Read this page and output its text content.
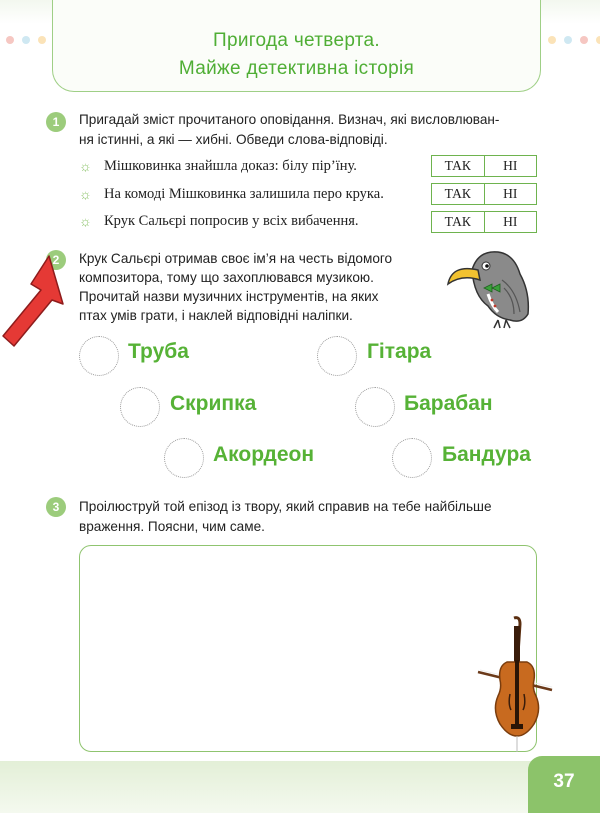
Пригода четверта.
Майже детективна історія
1	Пригадай зміст прочитаного оповідання. Визнач, які висловлюван-
ня істинні, а які — хибні. Обведи слова-відповіді.
☼ Мішковинка знайшла доказ: білу пір’їну.	ТАК	НІ
☼ На комоді Мішковинка залишила перо крука.	ТАК	НІ
☼ Крук Сальєрі попросив у всіх вибачення.	ТАК	НІ
2	Крук Сальєрі отримав своє ім’я на честь відомого
композитора, тому що захоплювався музикою.
Прочитай назви музичних інструментів, на яких
птах умів грати, і наклей відповідні наліпки.
Труба	Гітара
Скрипка	Барабан
Акордеон	Бандура
3	Проілюструй той епізод із твору, який справив на тебе найбільше
враження. Поясни, чим саме.
37
